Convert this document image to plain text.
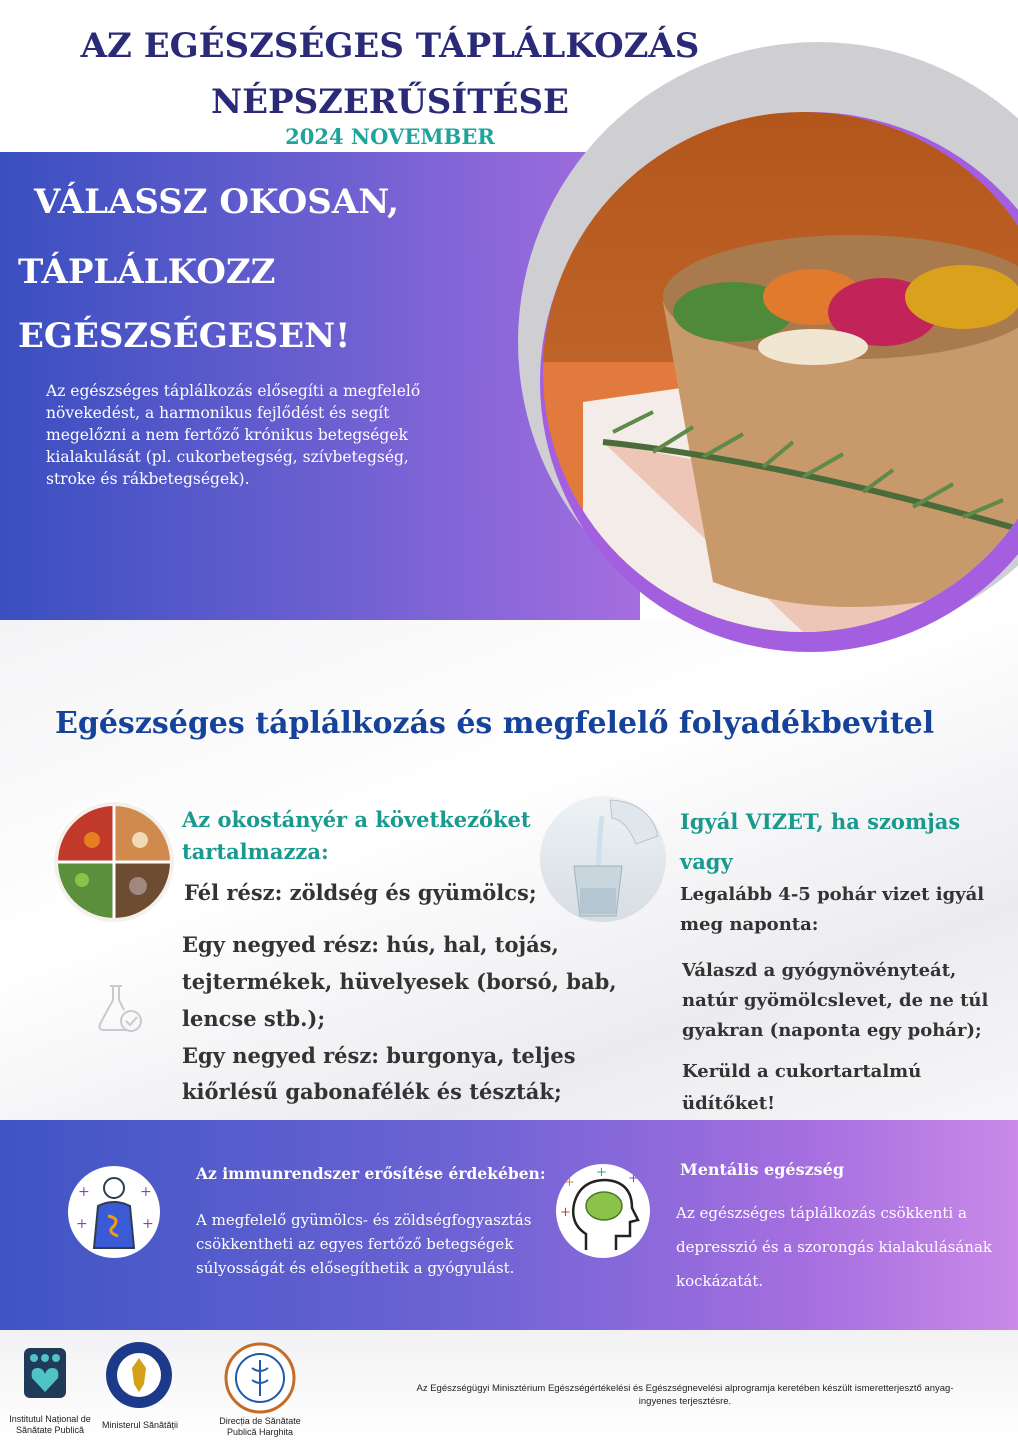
AZ EGÉSZSÉGES TÁPLÁLKOZÁS
NÉPSZERŰSÍTÉSE
2024 NOVEMBER
VÁLASSZ OKOSAN,
TÁPLÁLKOZZ
EGÉSZSÉGESEN!
Az egészséges táplálkozás elősegíti a megfelelő növekedést, a harmonikus fejlődést és segít megelőzni a nem fertőző krónikus betegségek kialakulását (pl. cukorbetegség, szívbetegség, stroke és rákbetegségek).
Egészséges táplálkozás és megfelelő folyadékbevitel
Az okostányér a következőket
tartalmazza:
Fél rész: zöldség és gyümölcs;
Egy negyed rész: hús, hal, tojás,
tejtermékek, hüvelyesek (borsó, bab,
lencse stb.);
Egy negyed rész: burgonya, teljes
kiőrlésű gabonafélék és tészták;
Igyál VIZET, ha szomjas
vagy
Legalább 4-5 pohár vizet igyál
meg naponta:
Válaszd a gyógynövényteát,
natúr gyömölcslevet, de ne túl
gyakran (naponta egy pohár);
Kerüld a cukortartalmú
üdítőket!
+	+
+	+
Az immunrendszer erősítése érdekében:
A megfelelő gyümölcs- és zöldségfogyasztás
csökkentheti az egyes fertőző betegségek
súlyosságát és elősegíthetik a gyógyulást.
+
+ +
+
Mentális egészség
Az egészséges táplálkozás csökkenti a
depresszió és a szorongás kialakulásának
kockázatát.
Institutul Național de
Sănătate Publică	Ministerul Sănătății	Direcția de Sănătate
Publică Harghita
Az Egészségügyi Minisztérium Egészségértékelési és Egészségnevelési alprogramja keretében készült ismeretterjesztő anyag-
ingyenes terjesztésre.
